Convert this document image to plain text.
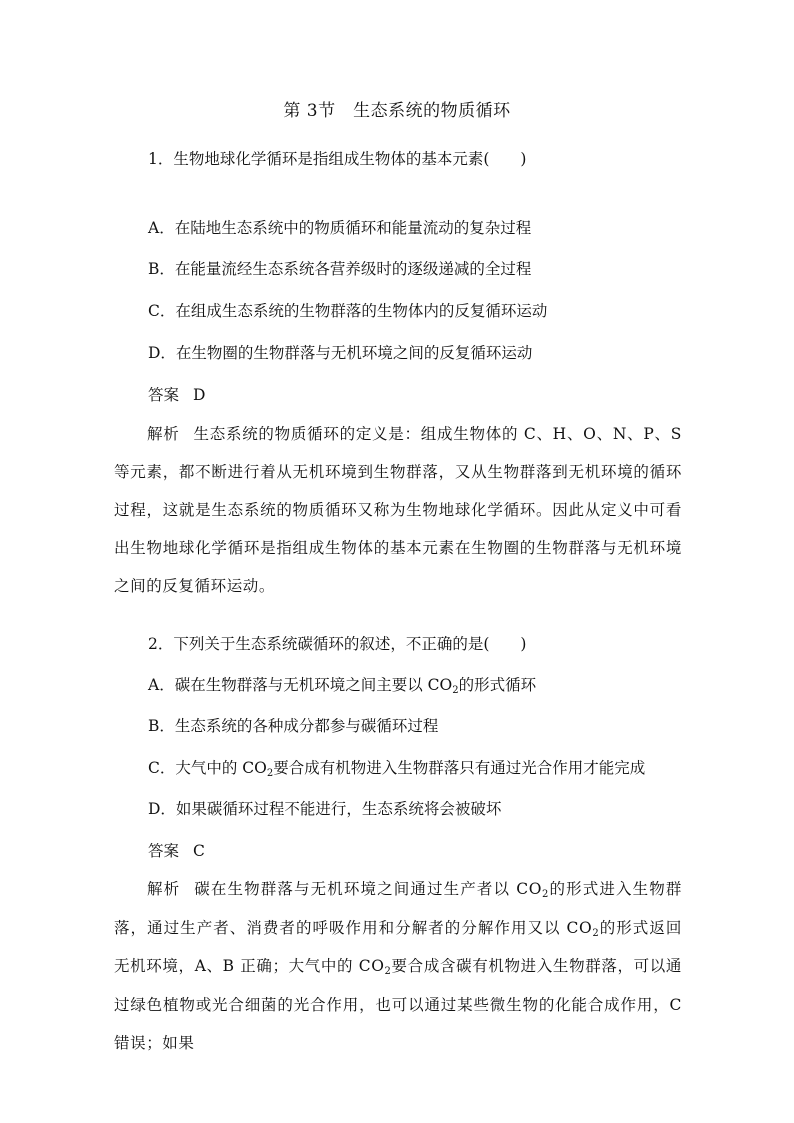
第 3节　生态系统的物质循环
1．生物地球化学循环是指组成生物体的基本元素(　　)
A．在陆地生态系统中的物质循环和能量流动的复杂过程
B．在能量流经生态系统各营养级时的逐级递减的全过程
C．在组成生态系统的生物群落的生物体内的反复循环运动
D．在生物圈的生物群落与无机环境之间的反复循环运动
答案 D
解析 生态系统的物质循环的定义是：组成生物体的 C、H、O、N、P、S 等元素，都不断进行着从无机环境到生物群落，又从生物群落到无机环境的循环过程，这就是生态系统的物质循环又称为生物地球化学循环。因此从定义中可看出生物地球化学循环是指组成生物体的基本元素在生物圈的生物群落与无机环境之间的反复循环运动。
2．下列关于生态系统碳循环的叙述，不正确的是(　　)
A．碳在生物群落与无机环境之间主要以 $CO_2$的形式循环
B．生态系统的各种成分都参与碳循环过程
C．大气中的 $CO_2$要合成有机物进入生物群落只有通过光合作用才能完成
D．如果碳循环过程不能进行，生态系统将会被破坏
答案 C
解析 碳在生物群落与无机环境之间通过生产者以 $CO_2$的形式进入生物群落，通过生产者、消费者的呼吸作用和分解者的分解作用又以 $CO_2$的形式返回无机环境，A、B 正确；大气中的 $CO_2$要合成含碳有机物进入生物群落，可以通过绿色植物或光合细菌的光合作用，也可以通过某些微生物的化能合成作用，C 错误；如果
